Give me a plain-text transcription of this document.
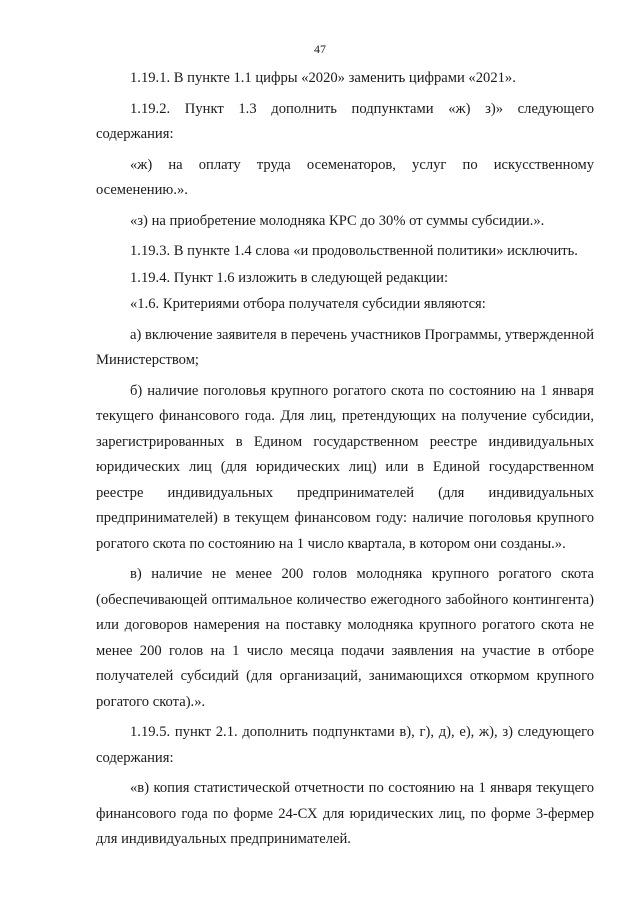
47

1.19.1. В пункте 1.1 цифры «2020» заменить цифрами «2021».

1.19.2. Пункт 1.3 дополнить подпунктами «ж) з)» следующего содержания:

«ж) на оплату труда осеменаторов, услуг по искусственному осеменению.».

«з) на приобретение молодняка КРС до 30% от суммы субсидии.».

1.19.3. В пункте 1.4 слова «и продовольственной политики» исключить.

1.19.4. Пункт 1.6 изложить в следующей редакции:

«1.6. Критериями отбора получателя субсидии являются:

а) включение заявителя в перечень участников Программы, утвержденной Министерством;

б) наличие поголовья крупного рогатого скота по состоянию на 1 января текущего финансового года. Для лиц, претендующих на получение субсидии, зарегистрированных в Едином государственном реестре индивидуальных юридических лиц (для юридических лиц) или в Единой государственном реестре индивидуальных предпринимателей (для индивидуальных предпринимателей) в текущем финансовом году: наличие поголовья крупного рогатого скота по состоянию на 1 число квартала, в котором они созданы.».

в) наличие не менее 200 голов молодняка крупного рогатого скота (обеспечивающей оптимальное количество ежегодного забойного контингента) или договоров намерения на поставку молодняка крупного рогатого скота не менее 200 голов на 1 число месяца подачи заявления на участие в отборе получателей субсидий (для организаций, занимающихся откормом крупного рогатого скота).».

1.19.5. пункт 2.1. дополнить подпунктами в), г), д), е), ж), з) следующего содержания:

«в) копия статистической отчетности по состоянию на 1 января текущего финансового года по форме 24-СХ для юридических лиц, по форме 3-фермер для индивидуальных предпринимателей.
